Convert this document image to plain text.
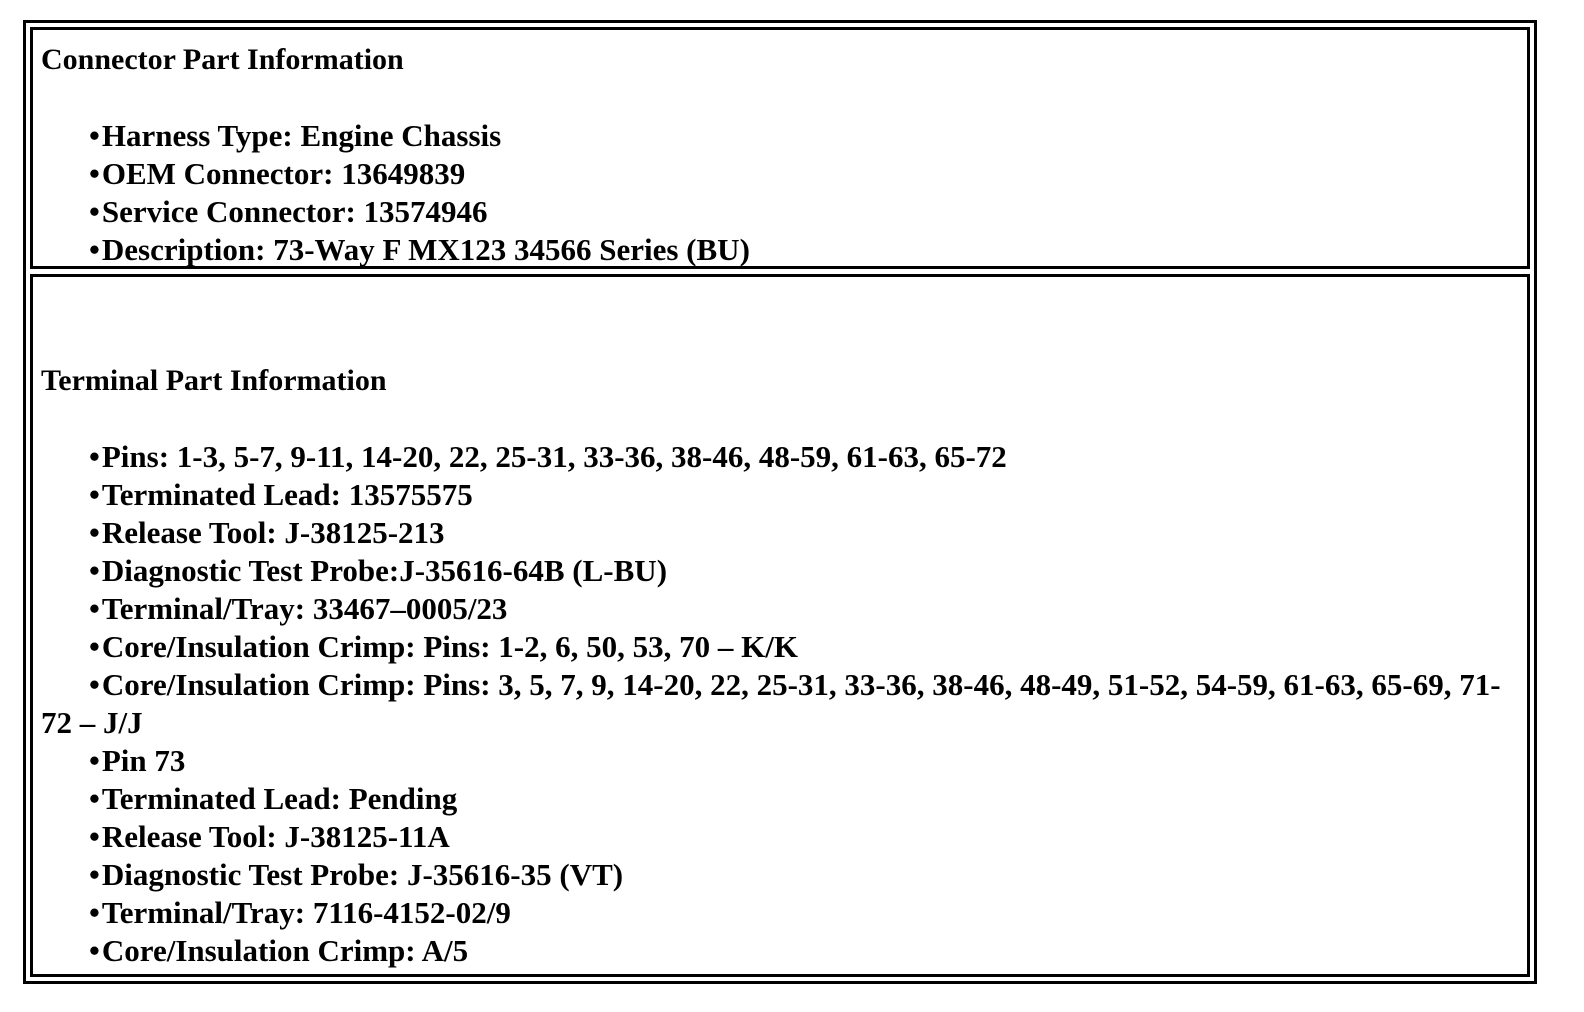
Connector Part Information
•Harness Type: Engine Chassis
•OEM Connector: 13649839
•Service Connector: 13574946
•Description: 73-Way F MX123 34566 Series (BU)
Terminal Part Information
•Pins: 1-3, 5-7, 9-11, 14-20, 22, 25-31, 33-36, 38-46, 48-59, 61-63, 65-72
•Terminated Lead: 13575575
•Release Tool: J-38125-213
•Diagnostic Test Probe:J-35616-64B (L-BU)
•Terminal/Tray: 33467–0005/23
•Core/Insulation Crimp: Pins: 1-2, 6, 50, 53, 70 – K/K
•Core/Insulation Crimp: Pins: 3, 5, 7, 9, 14-20, 22, 25-31, 33-36, 38-46, 48-49, 51-52, 54-59, 61-63, 65-69, 71-72 – J/J
•Pin 73
•Terminated Lead: Pending
•Release Tool: J-38125-11A
•Diagnostic Test Probe: J-35616-35 (VT)
•Terminal/Tray: 7116-4152-02/9
•Core/Insulation Crimp: A/5
